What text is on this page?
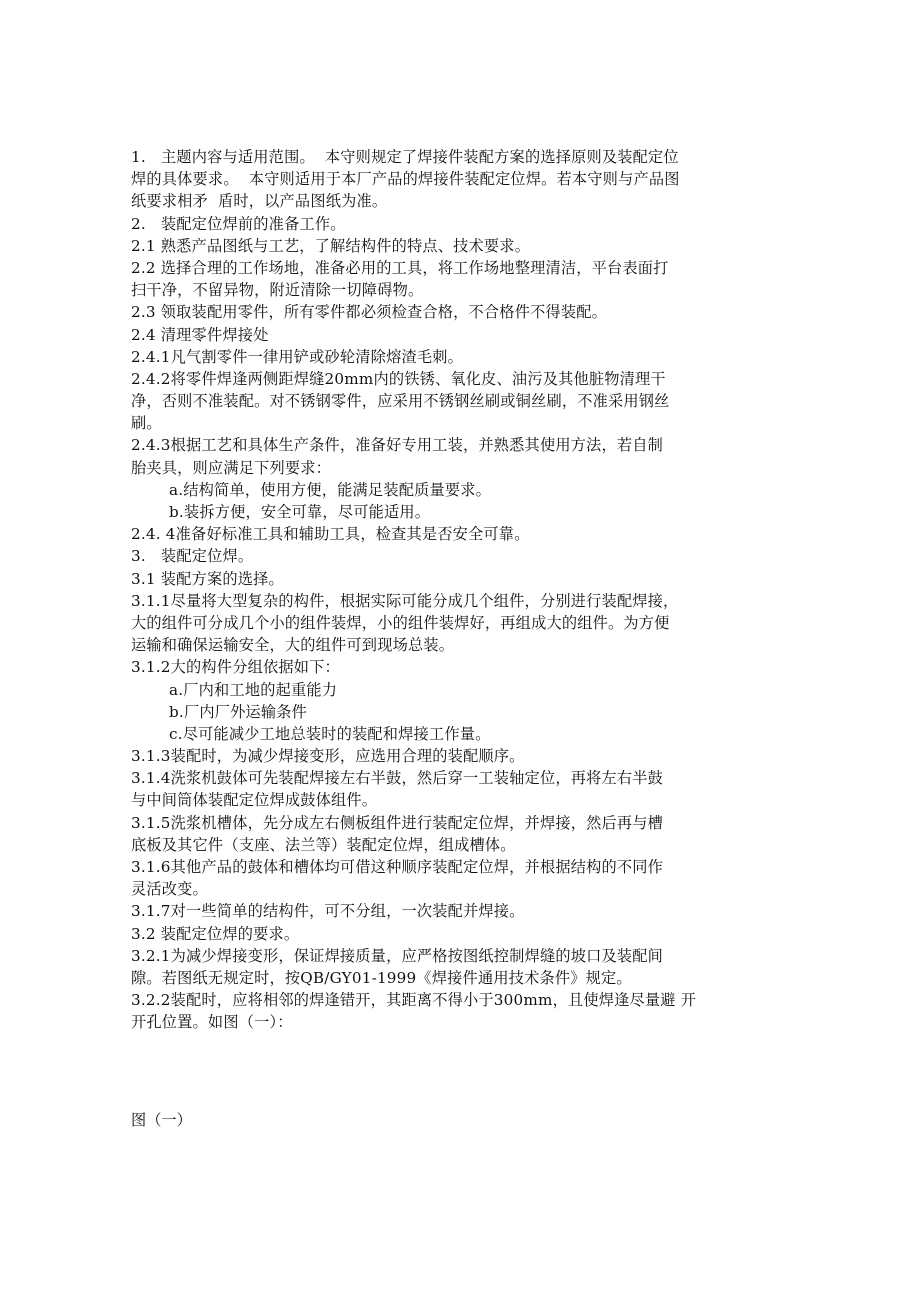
1.   主题内容与适用范围。  本守则规定了焊接件装配方案的选择原则及装配定位
焊的具体要求。  本守则适用于本厂产品的焊接件装配定位焊。若本守则与产品图
纸要求相矛  盾时，以产品图纸为准。
2.   装配定位焊前的准备工作。
2.1 熟悉产品图纸与工艺，了解结构件的特点、技术要求。
2.2 选择合理的工作场地，准备必用的工具，将工作场地整理清洁，平台表面打
扫干净，不留异物，附近清除一切障碍物。
2.3 领取装配用零件，所有零件都必须检查合格，不合格件不得装配。
2.4 清理零件焊接处
2.4.1凡气割零件一律用铲或砂轮清除熔渣毛刺。
2.4.2将零件焊逢两侧距焊缝20mm内的铁锈、氧化皮、油污及其他脏物清理干
净，否则不准装配。对不锈钢零件，应采用不锈钢丝刷或铜丝刷，不准采用钢丝
刷。
2.4.3根据工艺和具体生产条件，准备好专用工装，并熟悉其使用方法，若自制
胎夹具，则应满足下列要求：
a.结构简单，使用方便，能满足装配质量要求。
b.装拆方便，安全可靠，尽可能适用。
2.4. 4准备好标准工具和辅助工具，检查其是否安全可靠。
3.   装配定位焊。
3.1 装配方案的选择。
3.1.1尽量将大型复杂的构件，根据实际可能分成几个组件，分别进行装配焊接，
大的组件可分成几个小的组件装焊，小的组件装焊好，再组成大的组件。为方便
运输和确保运输安全，大的组件可到现场总装。
3.1.2大的构件分组依据如下：
a.厂内和工地的起重能力
b.厂内厂外运输条件
c.尽可能减少工地总装时的装配和焊接工作量。
3.1.3装配时，为减少焊接变形，应选用合理的装配顺序。
3.1.4洗浆机鼓体可先装配焊接左右半鼓，然后穿一工装轴定位，再将左右半鼓
与中间筒体装配定位焊成鼓体组件。
3.1.5洗浆机槽体，先分成左右侧板组件进行装配定位焊，并焊接，然后再与槽
底板及其它件（支座、法兰等）装配定位焊，组成槽体。
3.1.6其他产品的鼓体和槽体均可借这种顺序装配定位焊，并根据结构的不同作
灵活改变。
3.1.7对一些简单的结构件，可不分组，一次装配并焊接。
3.2 装配定位焊的要求。
3.2.1为减少焊接变形，保证焊接质量，应严格按图纸控制焊缝的坡口及装配间
隙。若图纸无规定时，按QB/GY01-1999《焊接件通用技术条件》规定。
3.2.2装配时，应将相邻的焊逢错开，其距离不得小于300mm，且使焊逢尽量避 开
开孔位置。如图（一）：
图（一）
